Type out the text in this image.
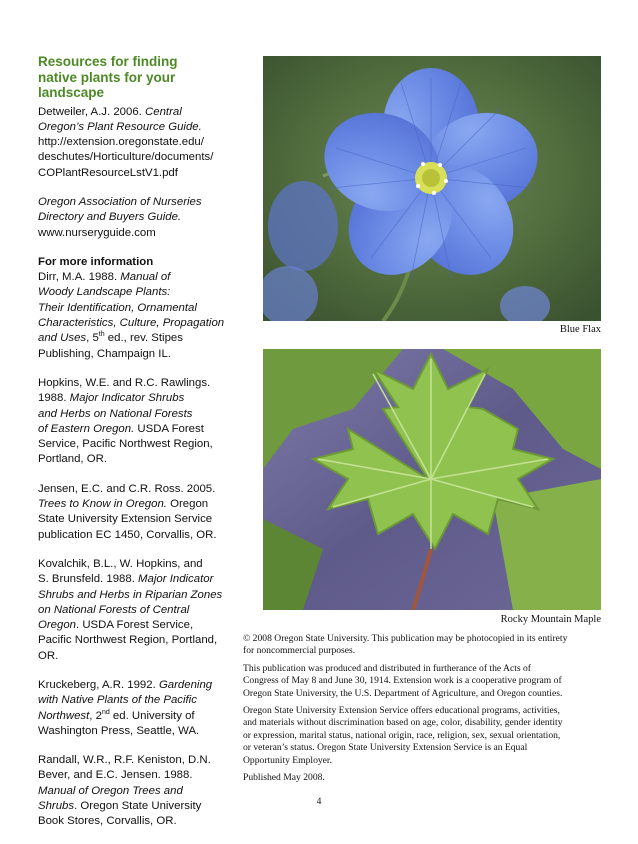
Resources for finding
native plants for your
landscape
Detweiler, A.J. 2006. Central
Oregon’s Plant Resource Guide.
http://extension.oregonstate.edu/
deschutes/Horticulture/documents/
COPlantResourceLstV1.pdf
Oregon Association of Nurseries
Directory and Buyers Guide.
www.nurseryguide.com
For more information
Dirr, M.A. 1988. Manual of
Woody Landscape Plants:
Their Identification, Ornamental
Characteristics, Culture, Propagation
and Uses, 5th ed., rev. Stipes
Publishing, Champaign IL.
Hopkins, W.E. and R.C. Rawlings.
1988. Major Indicator Shrubs
and Herbs on National Forests
of Eastern Oregon. USDA Forest
Service, Pacific Northwest Region,
Portland, OR.
Jensen, E.C. and C.R. Ross. 2005.
Trees to Know in Oregon. Oregon
State University Extension Service
publication EC 1450, Corvallis, OR.
Kovalchik, B.L., W. Hopkins, and
S. Brunsfeld. 1988. Major Indicator
Shrubs and Herbs in Riparian Zones
on National Forests of Central
Oregon. USDA Forest Service,
Pacific Northwest Region, Portland,
OR.
Kruckeberg, A.R. 1992. Gardening
with Native Plants of the Pacific
Northwest, 2nd ed. University of
Washington Press, Seattle, WA.
Randall, W.R., R.F. Keniston, D.N.
Bever, and E.C. Jensen. 1988.
Manual of Oregon Trees and
Shrubs. Oregon State University
Book Stores, Corvallis, OR.
Blue Flax
Rocky Mountain Maple

© 2008 Oregon State University. This publication may be photocopied in its entirety
for noncommercial purposes.

This publication was produced and distributed in furtherance of the Acts of
Congress of May 8 and June 30, 1914. Extension work is a cooperative program of
Oregon State University, the U.S. Department of Agriculture, and Oregon counties.

Oregon State University Extension Service offers educational programs, activities,
and materials without discrimination based on age, color, disability, gender identity
or expression, marital status, national origin, race, religion, sex, sexual orientation,
or veteran’s status. Oregon State University Extension Service is an Equal
Opportunity Employer.

Published May 2008.

4
